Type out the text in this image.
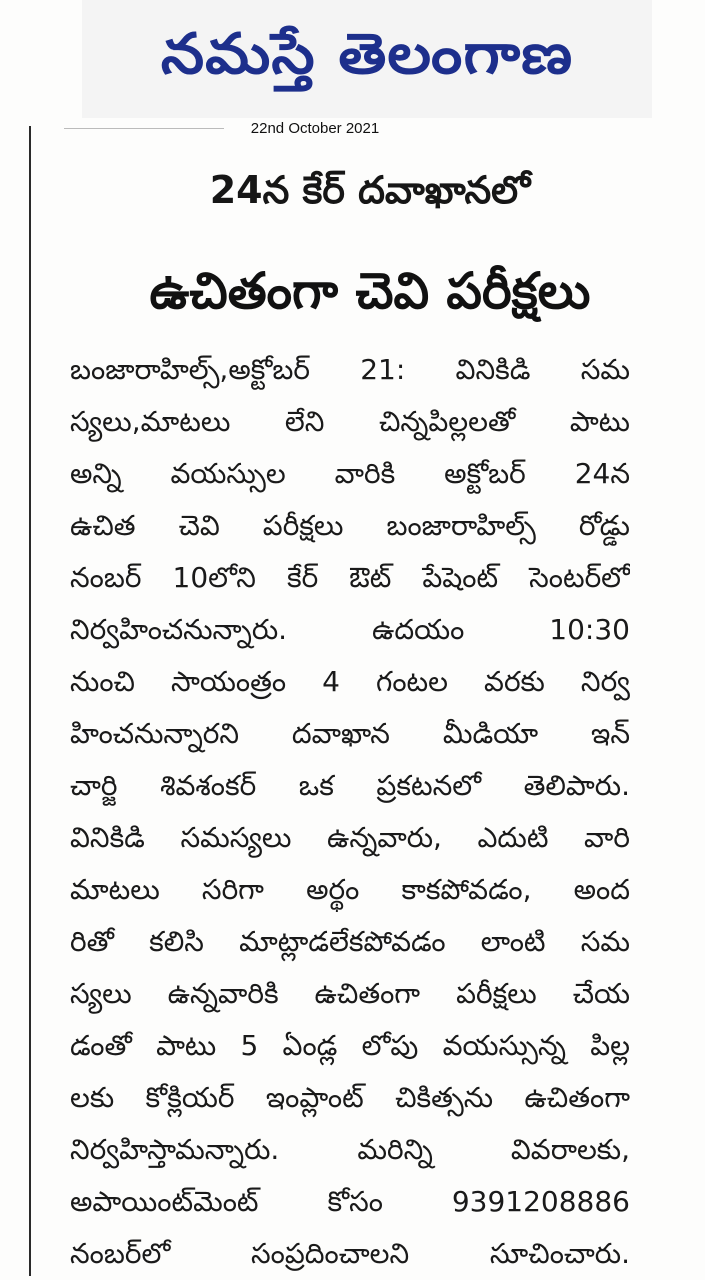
నమస్తే తెలంగాణ
22nd October 2021
24న కేర్ దవాఖానలో
ఉచితంగా చెవి పరీక్షలు
బంజారాహిల్స్,అక్టోబర్ 21: వినికిడి సమ
స్యలు,మాటలు లేని చిన్నపిల్లలతో పాటు
అన్ని వయస్సుల వారికి అక్టోబర్ 24న
ఉచిత చెవి పరీక్షలు బంజారాహిల్స్ రోడ్డు
నంబర్ 10లోని కేర్ ఔట్ పేషెంట్ సెంటర్‌లో
నిర్వహించనున్నారు. ఉదయం 10:30
నుంచి సాయంత్రం 4 గంటల వరకు నిర్వ
హించనున్నారని దవాఖాన మీడియా ఇన్
చార్జి శివశంకర్ ఒక ప్రకటనలో తెలిపారు.
వినికిడి సమస్యలు ఉన్నవారు, ఎదుటి వారి
మాటలు సరిగా అర్థం కాకపోవడం, అంద
రితో కలిసి మాట్లాడలేకపోవడం లాంటి సమ
స్యలు ఉన్నవారికి ఉచితంగా పరీక్షలు చేయ
డంతో పాటు 5 ఏండ్ల లోపు వయస్సున్న పిల్ల
లకు కోక్లియర్ ఇంప్లాంట్ చికిత్సను ఉచితంగా
నిర్వహిస్తామన్నారు. మరిన్ని వివరాలకు,
అపాయింట్‌మెంట్ కోసం 9391208886
నంబర్‌లో సంప్రదించాలని సూచించారు.
